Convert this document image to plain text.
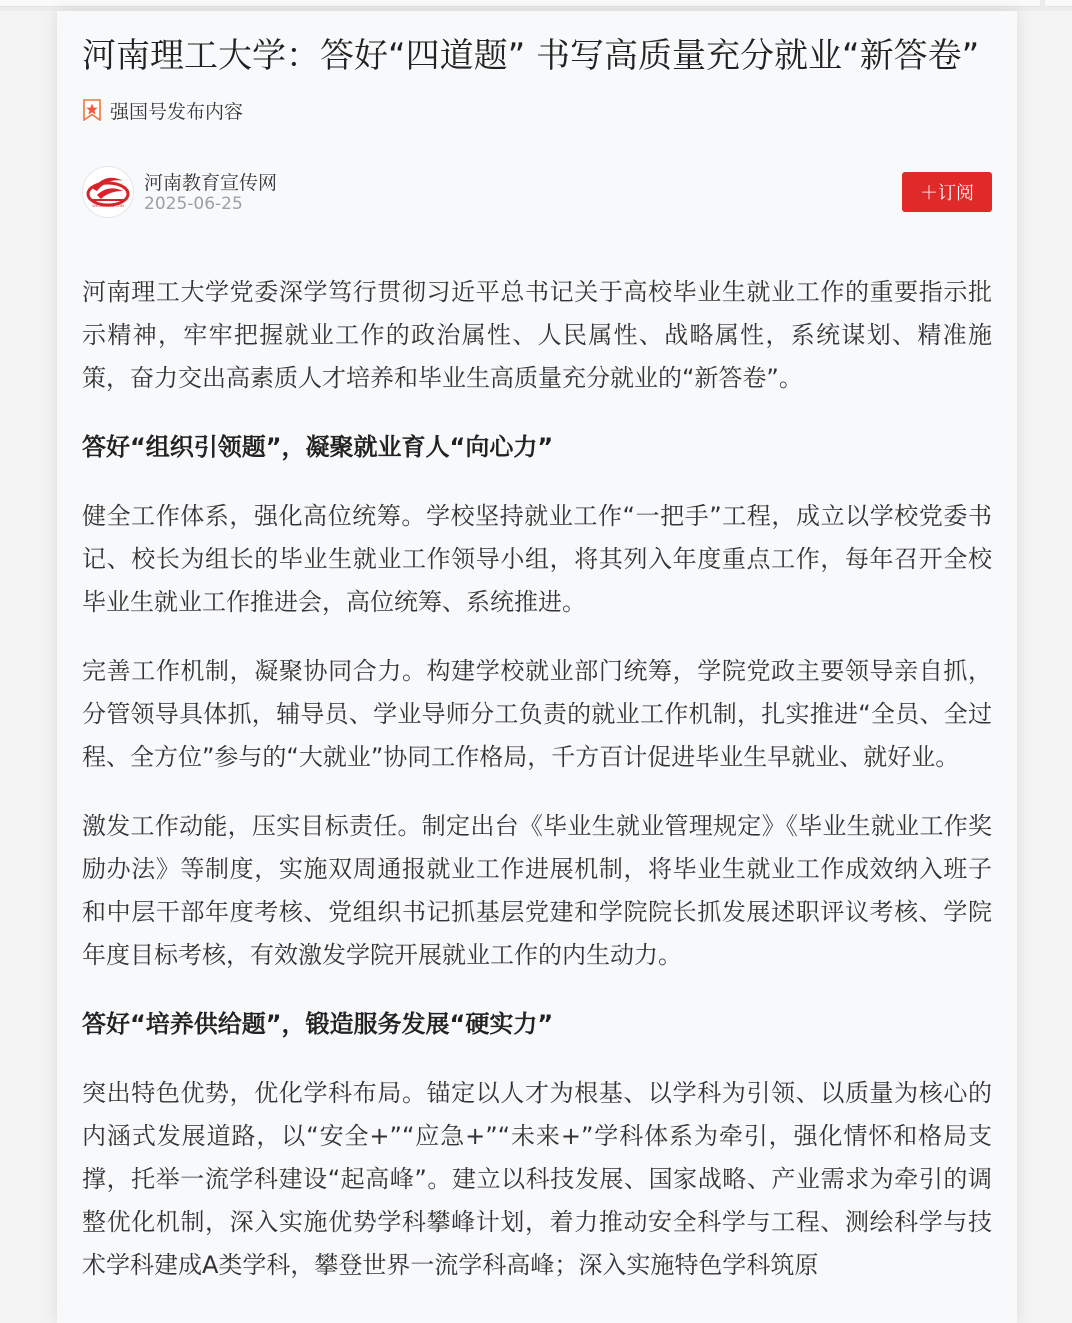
河南理工大学：答好“四道题” 书写高质量充分就业“新答卷”
强国号发布内容
SHUREN100.COM
河南教育宣传网
2025-06-25	＋订阅

河南理工大学党委深学笃行贯彻习近平总书记关于高校毕业生就业工作的重要指示批示精神，牢牢把握就业工作的政治属性、人民属性、战略属性，系统谋划、精准施策，奋力交出高素质人才培养和毕业生高质量充分就业的“新答卷”。

答好“组织引领题”，凝聚就业育人“向心力”

健全工作体系，强化高位统筹。学校坚持就业工作“一把手”工程，成立以学校党委书记、校长为组长的毕业生就业工作领导小组，将其列入年度重点工作，每年召开全校毕业生就业工作推进会，高位统筹、系统推进。

完善工作机制，凝聚协同合力。构建学校就业部门统筹，学院党政主要领导亲自抓，分管领导具体抓，辅导员、学业导师分工负责的就业工作机制，扎实推进“全员、全过程、全方位”参与的“大就业”协同工作格局，千方百计促进毕业生早就业、就好业。

激发工作动能，压实目标责任。制定出台《毕业生就业管理规定》《毕业生就业工作奖励办法》等制度，实施双周通报就业工作进展机制，将毕业生就业工作成效纳入班子和中层干部年度考核、党组织书记抓基层党建和学院院长抓发展述职评议考核、学院年度目标考核，有效激发学院开展就业工作的内生动力。

答好“培养供给题”，锻造服务发展“硬实力”

突出特色优势，优化学科布局。锚定以人才为根基、以学科为引领、以质量为核心的内涵式发展道路，以“安全+”“应急+”“未来+”学科体系为牵引，强化情怀和格局支撑，托举一流学科建设“起高峰”。建立以科技发展、国家战略、产业需求为牵引的调整优化机制，深入实施优势学科攀峰计划，着力推动安全科学与工程、测绘科学与技术学科建成A类学科，攀登世界一流学科高峰；深入实施特色学科筑原
